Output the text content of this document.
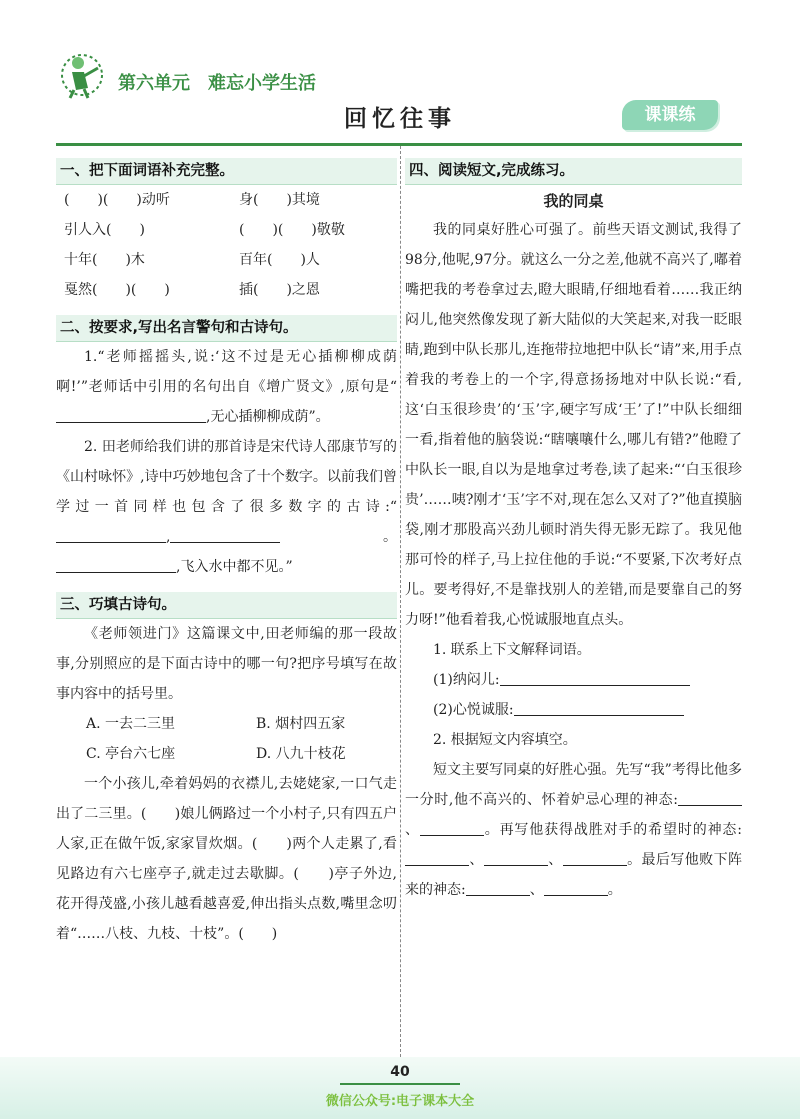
第六单元 难忘小学生活
回忆往事	课课练
一、把下面词语补充完整。
(　　)(　　)动听	身(　　)其境
引人入(　　)	(　　)(　　)敬敬
十年(　　)木	百年(　　)人
戛然(　　)(　　)	插(　　)之恩
二、按要求,写出名言警句和古诗句。

1.“老师摇摇头,说:‘这不过是无心插柳柳成荫啊!’”老师话中引用的名句出自《增广贤文》,原句是“,无心插柳柳成荫”。

2. 田老师给我们讲的那首诗是宋代诗人邵康节写的《山村咏怀》,诗中巧妙地包含了十个数字。以前我们曾学过一首同样也包含了很多数字的古诗:“,	。,飞入水中都不见。”

三、巧填古诗句。

《老师领进门》这篇课文中,田老师编的那一段故事,分别照应的是下面古诗中的哪一句?把序号填写在故事内容中的括号里。

A. 一去二三里	B. 烟村四五家
C. 亭台六七座	D. 八九十枝花

一个小孩儿,牵着妈妈的衣襟儿,去姥姥家,一口气走出了二三里。(　　)娘儿俩路过一个小村子,只有四五户人家,正在做午饭,家家冒炊烟。(　　)两个人走累了,看见路边有六七座亭子,就走过去歇脚。(　　)亭子外边,花开得茂盛,小孩儿越看越喜爱,伸出指头点数,嘴里念叨着“……八枝、九枝、十枝”。(　　)

四、阅读短文,完成练习。
我的同桌

我的同桌好胜心可强了。前些天语文测试,我得了98分,他呢,97分。就这么一分之差,他就不高兴了,嘟着嘴把我的考卷拿过去,瞪大眼睛,仔细地看着……我正纳闷儿,他突然像发现了新大陆似的大笑起来,对我一眨眼睛,跑到中队长那儿,连拖带拉地把中队长“请”来,用手点着我的考卷上的一个字,得意扬扬地对中队长说:“看,这‘白玉很珍贵’的‘玉’字,硬字写成‘王’了!”中队长细细一看,指着他的脑袋说:“瞎嚷嚷什么,哪儿有错?”他瞪了中队长一眼,自以为是地拿过考卷,读了起来:“‘白玉很珍贵’……咦?刚才‘玉’字不对,现在怎么又对了?”他直摸脑袋,刚才那股高兴劲儿顿时消失得无影无踪了。我见他那可怜的样子,马上拉住他的手说:“不要紧,下次考好点儿。要考得好,不是靠找别人的差错,而是要靠自己的努力呀!”他看着我,心悦诚服地直点头。

1. 联系上下文解释词语。

(1)纳闷儿:

(2)心悦诚服:

2. 根据短文内容填空。

短文主要写同桌的好胜心强。先写“我”考得比他多一分时,他不高兴的、怀着妒忌心理的神态:、	。再写他获得战胜对手的希望时的神态:、	、	。最后写他败下阵来的神态:	、	。

40
微信公众号:电子课本大全
